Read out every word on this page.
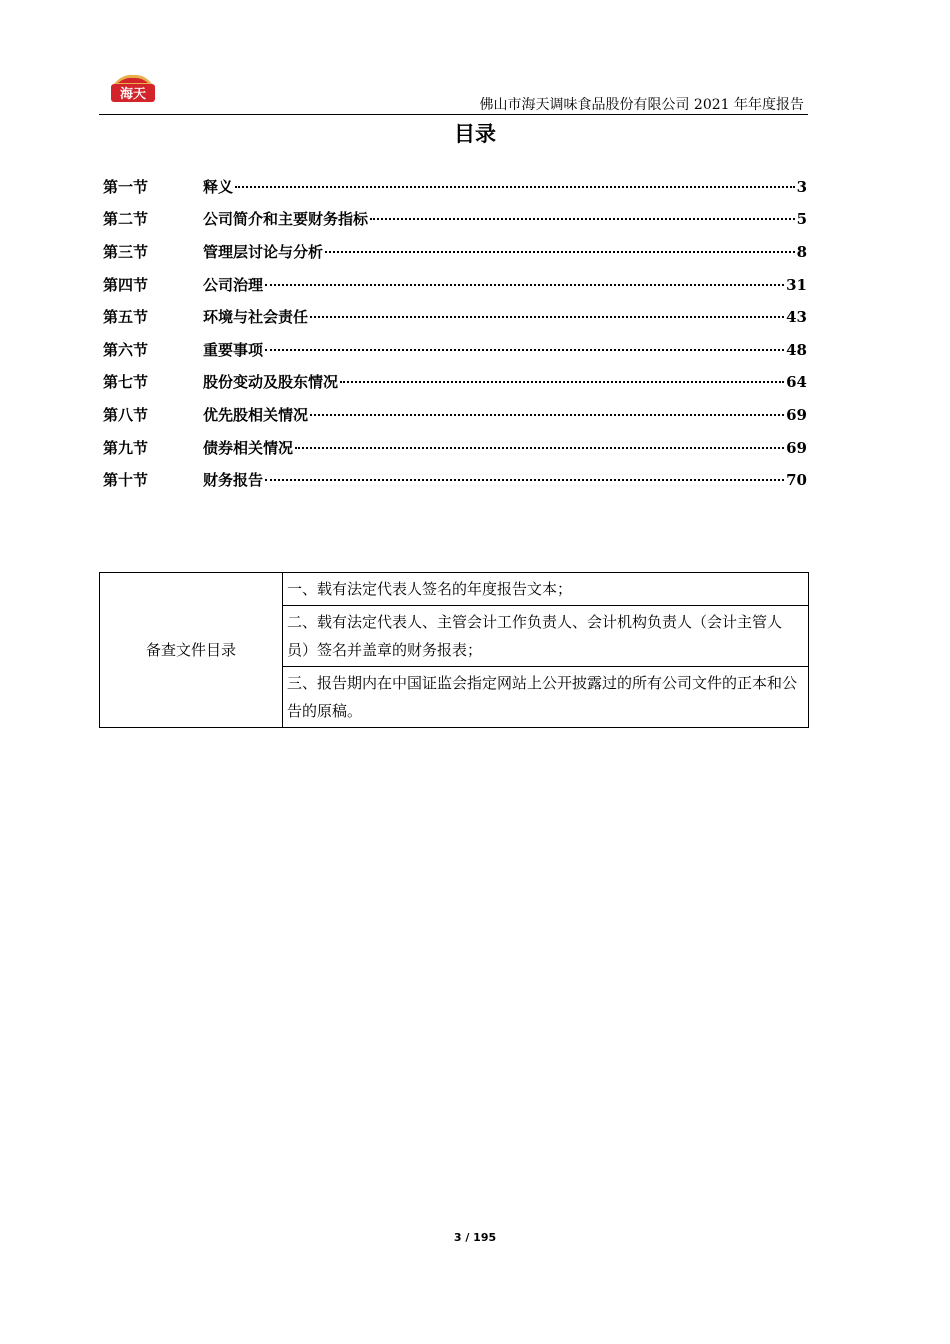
海天
佛山市海天调味食品股份有限公司 2021 年年度报告
目录
第一节	释义	3
第二节	公司简介和主要财务指标	5
第三节	管理层讨论与分析	8
第四节	公司治理	31
第五节	环境与社会责任	43
第六节	重要事项	48
第七节	股份变动及股东情况	64
第八节	优先股相关情况	69
第九节	债券相关情况	69
第十节	财务报告	70
备查文件目录	一、载有法定代表人签名的年度报告文本；
二、载有法定代表人、主管会计工作负责人、会计机构负责人（会计主管人员）签名并盖章的财务报表；
三、报告期内在中国证监会指定网站上公开披露过的所有公司文件的正本和公告的原稿。
3 / 195
